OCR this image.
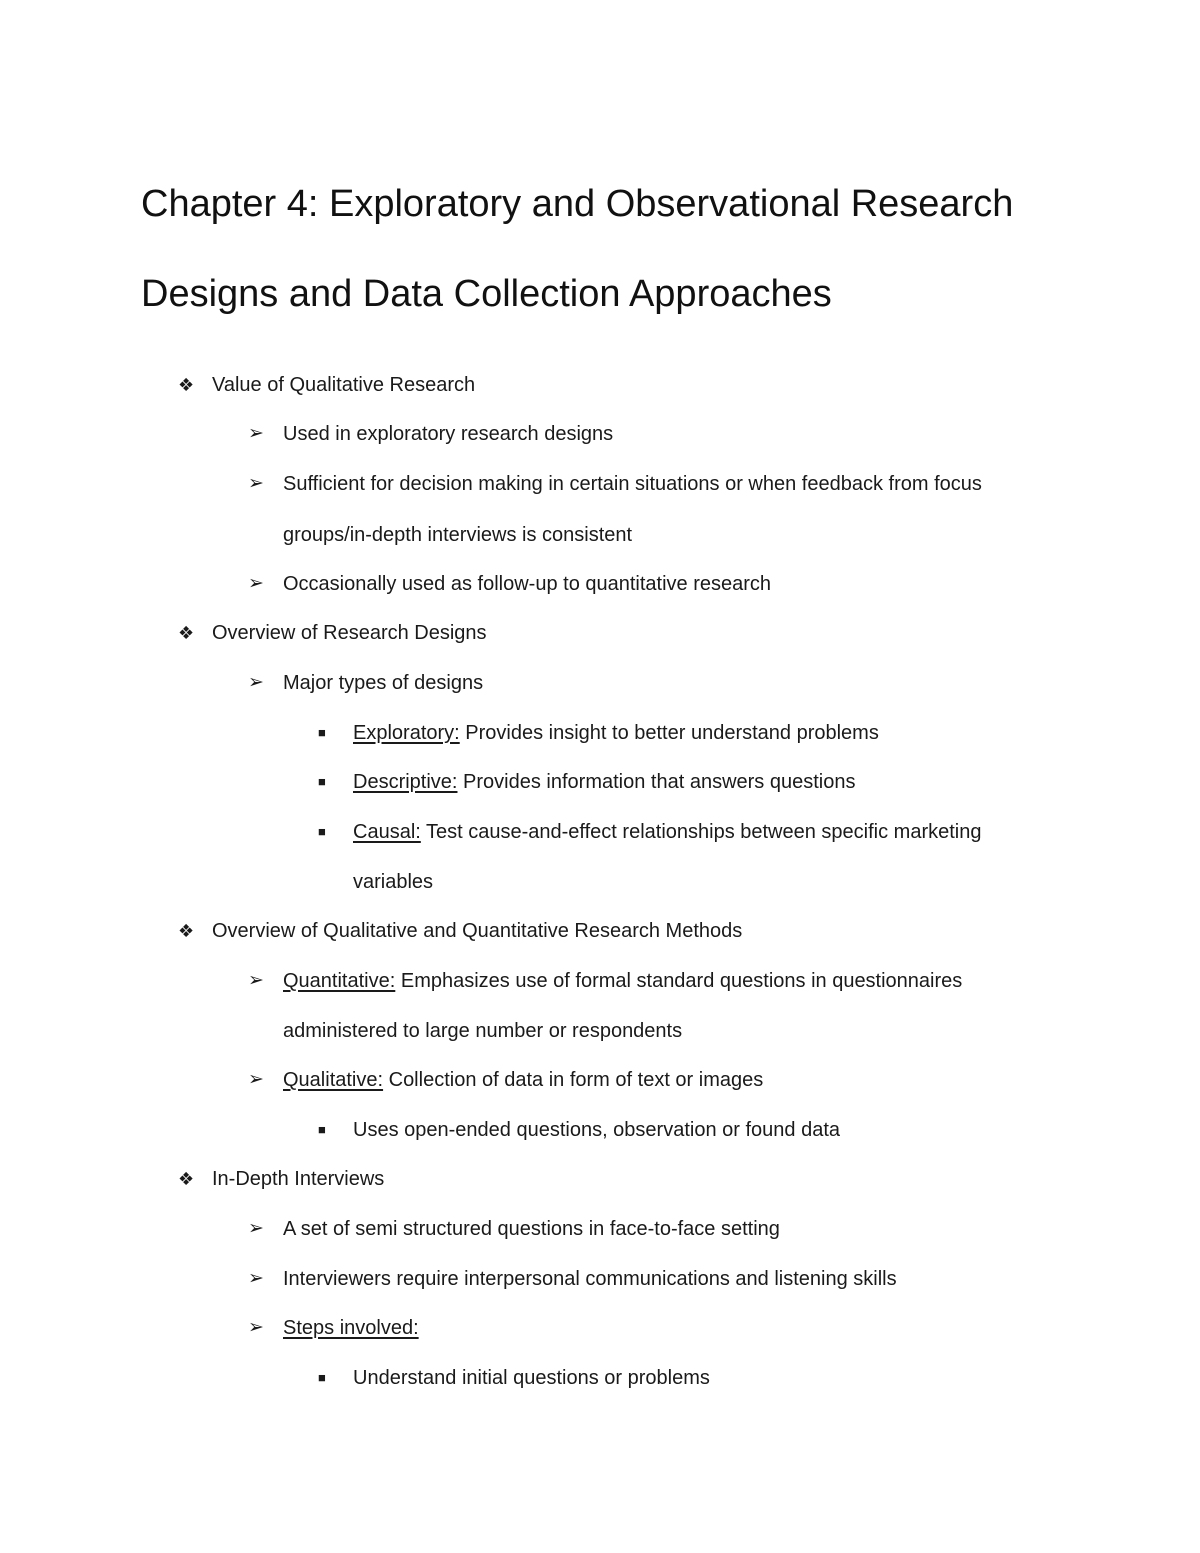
Chapter 4: Exploratory and Observational Research
Designs and Data Collection Approaches
❖ Value of Qualitative Research
➢ Used in exploratory research designs
➢ Sufficient for decision making in certain situations or when feedback from focus
groups/in-depth interviews is consistent
➢ Occasionally used as follow-up to quantitative research
❖ Overview of Research Designs
➢ Major types of designs
■ Exploratory: Provides insight to better understand problems
■ Descriptive: Provides information that answers questions
■ Causal: Test cause-and-effect relationships between specific marketing
variables
❖ Overview of Qualitative and Quantitative Research Methods
➢ Quantitative: Emphasizes use of formal standard questions in questionnaires
administered to large number or respondents
➢ Qualitative: Collection of data in form of text or images
■ Uses open-ended questions, observation or found data
❖ In-Depth Interviews
➢ A set of semi structured questions in face-to-face setting
➢ Interviewers require interpersonal communications and listening skills
➢ Steps involved:
■ Understand initial questions or problems
